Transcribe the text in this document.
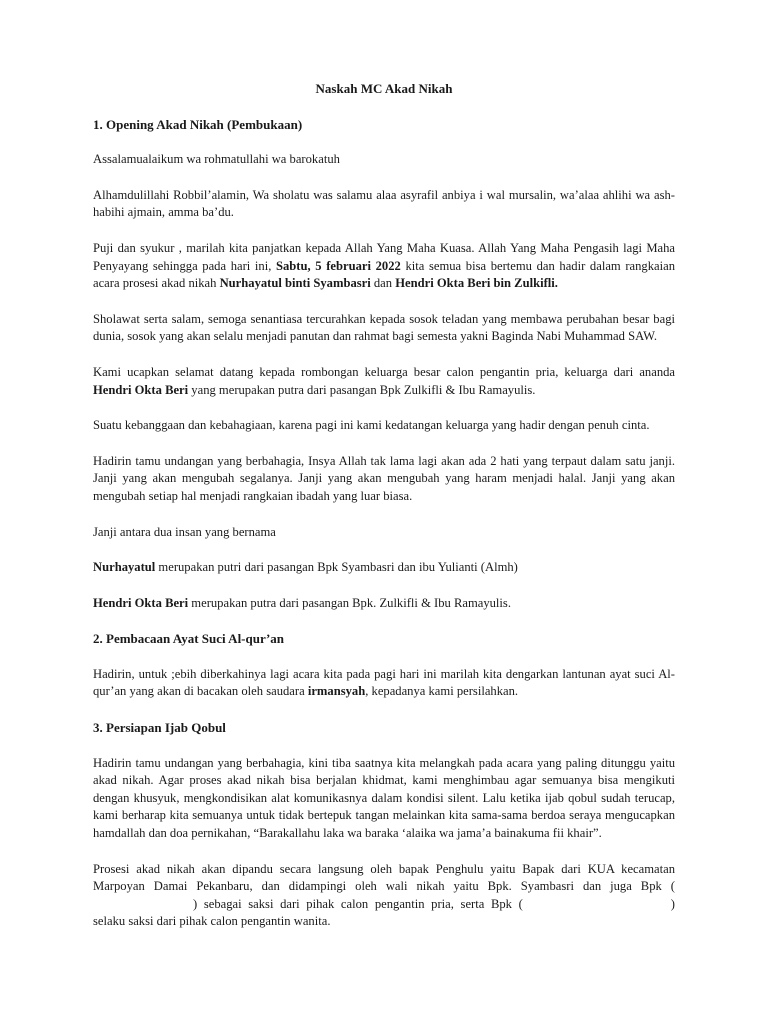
Naskah MC Akad Nikah

1. Opening Akad Nikah (Pembukaan)

Assalamualaikum wa rohmatullahi wa barokatuh

Alhamdulillahi Robbil’alamin, Wa sholatu was salamu alaa asyrafil anbiya i wal mursalin, wa’alaa ahlihi wa ash-habihi ajmain, amma ba’du.

Puji dan syukur , marilah kita panjatkan kepada Allah Yang Maha Kuasa. Allah Yang Maha Pengasih lagi Maha Penyayang sehingga pada hari ini, Sabtu, 5 februari 2022 kita semua bisa bertemu dan hadir dalam rangkaian acara prosesi akad nikah Nurhayatul binti Syambasri dan Hendri Okta Beri bin Zulkifli.

Sholawat serta salam, semoga senantiasa tercurahkan kepada sosok teladan yang membawa perubahan besar bagi dunia, sosok yang akan selalu menjadi panutan dan rahmat bagi semesta yakni Baginda Nabi Muhammad SAW.

Kami ucapkan selamat datang kepada rombongan keluarga besar calon pengantin pria, keluarga dari ananda Hendri Okta Beri yang merupakan putra dari pasangan Bpk Zulkifli & Ibu Ramayulis.

Suatu kebanggaan dan kebahagiaan, karena pagi ini kami kedatangan keluarga yang hadir dengan penuh cinta.

Hadirin tamu undangan yang berbahagia, Insya Allah tak lama lagi akan ada 2 hati yang terpaut dalam satu janji. Janji yang akan mengubah segalanya. Janji yang akan mengubah yang haram menjadi halal. Janji yang akan mengubah setiap hal menjadi rangkaian ibadah yang luar biasa.

Janji antara dua insan yang bernama

Nurhayatul merupakan putri dari pasangan Bpk Syambasri dan ibu Yulianti (Almh)

Hendri Okta Beri merupakan putra dari pasangan Bpk. Zulkifli & Ibu Ramayulis.

2. Pembacaan Ayat Suci Al-qur’an

Hadirin, untuk ;ebih diberkahinya lagi acara kita pada pagi hari ini marilah kita dengarkan lantunan ayat suci Al-qur’an yang akan di bacakan oleh saudara irmansyah, kepadanya kami persilahkan.

3. Persiapan Ijab Qobul

Hadirin tamu undangan yang berbahagia, kini tiba saatnya kita melangkah pada acara yang paling ditunggu yaitu akad nikah. Agar proses akad nikah bisa berjalan khidmat, kami menghimbau agar semuanya bisa mengikuti dengan khusyuk, mengkondisikan alat komunikasnya dalam kondisi silent. Lalu ketika ijab qobul sudah terucap, kami berharap kita semuanya untuk tidak bertepuk tangan melainkan kita sama-sama berdoa seraya mengucapkan hamdallah dan doa pernikahan, “Barakallahu laka wa baraka ‘alaika wa jama’a bainakuma fii khair”.

Prosesi akad nikah akan dipandu secara langsung oleh bapak Penghulu yaitu Bapak dari KUA kecamatan Marpoyan Damai Pekanbaru, dan didampingi oleh wali nikah yaitu Bpk. Syambasri dan juga Bpk () sebagai saksi dari pihak calon pengantin pria, serta Bpk (	) selaku saksi dari pihak calon pengantin wanita.
